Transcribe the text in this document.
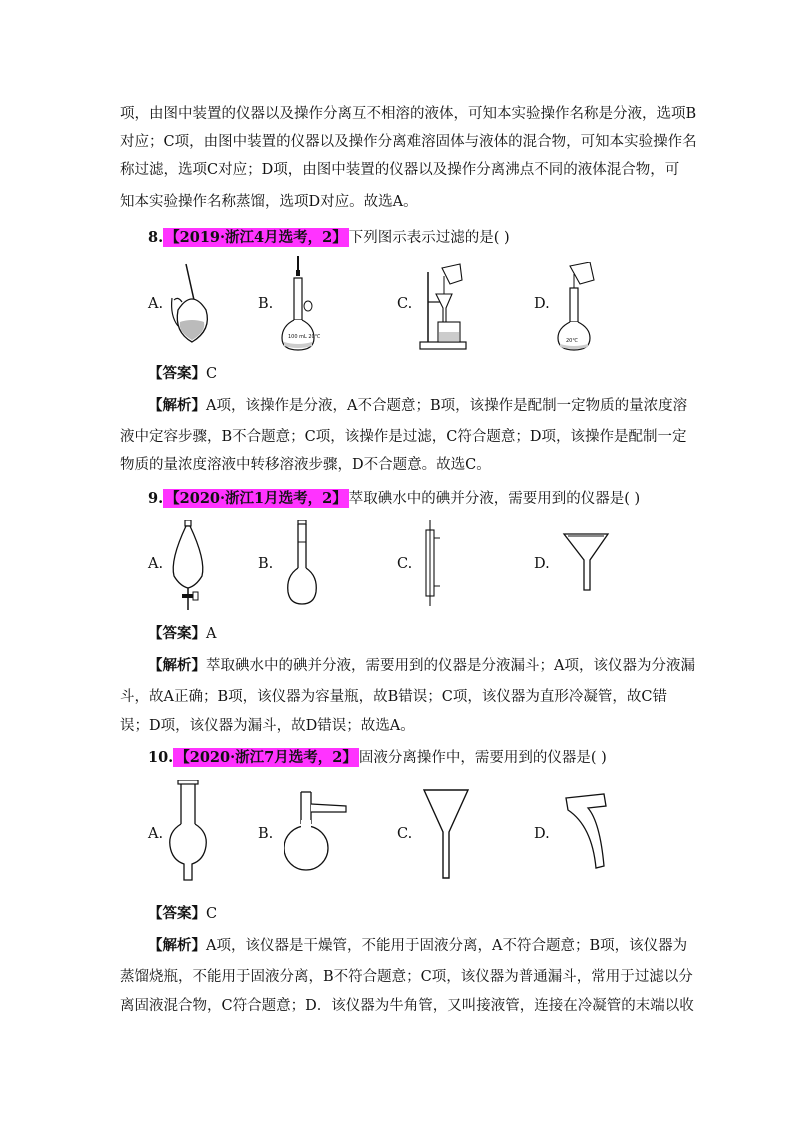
项，由图中装置的仪器以及操作分离互不相溶的液体，可知本实验操作名称是分液，选项B
对应；C项，由图中装置的仪器以及操作分离难溶固体与液体的混合物，可知本实验操作名
称过滤，选项C对应；D项，由图中装置的仪器以及操作分离沸点不同的液体混合物，可
知本实验操作名称蒸馏，选项D对应。故选A。
8. 【2019·浙江4月选考，2】 下列图示表示过滤的是( )
A.	B.
100 mL 20℃
C.	D.
20℃
【答案】C
【解析】A项，该操作是分液，A不合题意；B项，该操作是配制一定物质的量浓度溶
液中定容步骤，B不合题意；C项，该操作是过滤，C符合题意；D项，该操作是配制一定
物质的量浓度溶液中转移溶液步骤，D不合题意。故选C。
9. 【2020·浙江1月选考，2】 萃取碘水中的碘并分液，需要用到的仪器是( )
A.	B.	C.	D.
【答案】A
【解析】萃取碘水中的碘并分液，需要用到的仪器是分液漏斗；A项，该仪器为分液漏
斗，故A正确；B项，该仪器为容量瓶，故B错误；C项，该仪器为直形冷凝管，故C错
误；D项，该仪器为漏斗，故D错误；故选A。
10. 【2020·浙江7月选考，2】 固液分离操作中，需要用到的仪器是( )
A.	B.	C.	D.
【答案】C
【解析】A项，该仪器是干燥管，不能用于固液分离，A不符合题意；B项，该仪器为
蒸馏烧瓶，不能用于固液分离，B不符合题意；C项，该仪器为普通漏斗，常用于过滤以分
离固液混合物，C符合题意；D．该仪器为牛角管，又叫接液管，连接在冷凝管的末端以收
